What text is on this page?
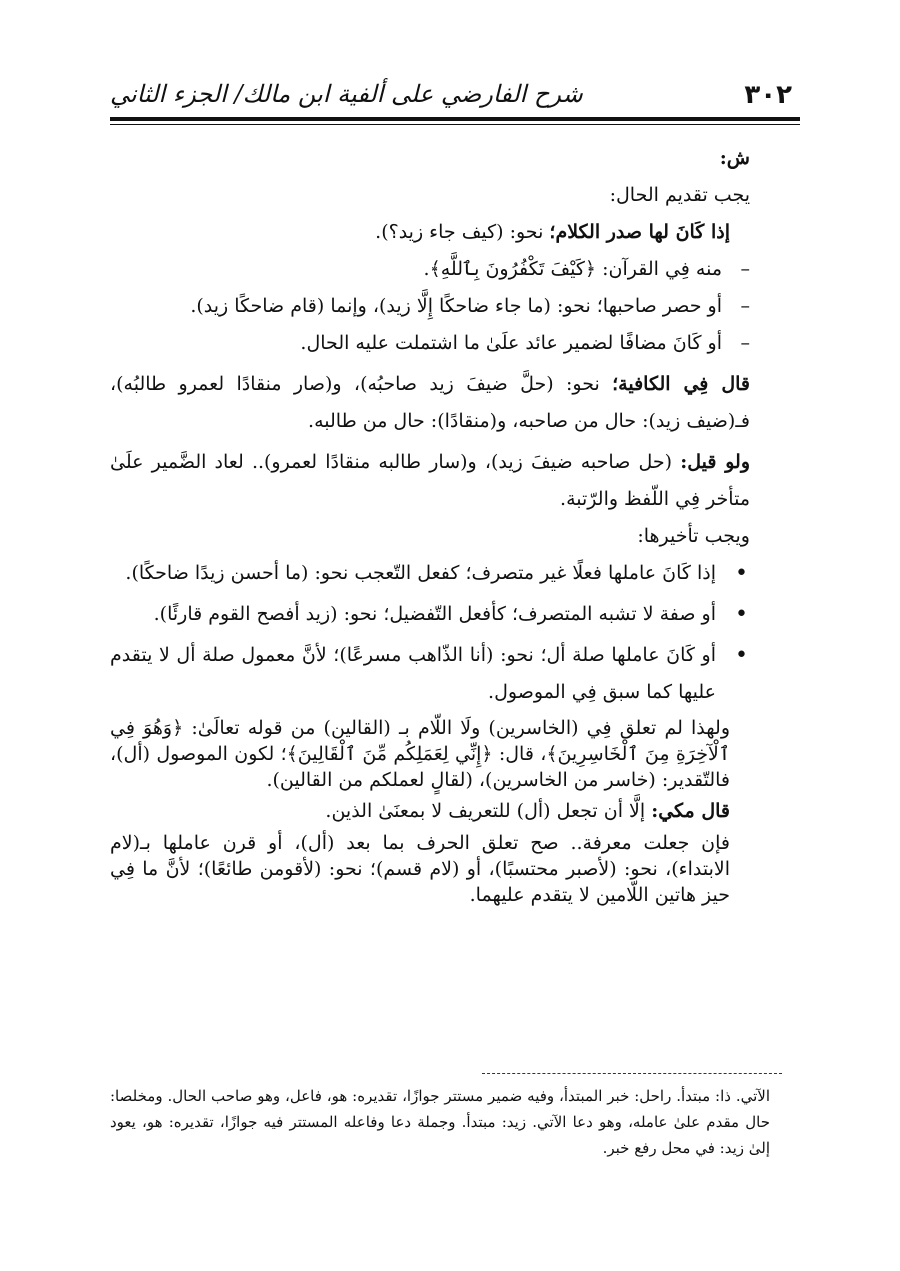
٣٠٢
شرح الفارضي على ألفية ابن مالك/ الجزء الثاني

ش:

يجب تقديم الحال:

إذا كَانَ لها صدر الكلام؛ نحو: (كيف جاء زيد؟).

–
منه فِي القرآن: ﴿كَيْفَ تَكْفُرُونَ بِٱللَّهِ﴾.

–
أو حصر صاحبها؛ نحو: (ما جاء ضاحكًا إِلَّا زيد)، وإنما (قام ضاحكًا زيد).

–
أو كَانَ مضافًا لضمير عائد علَىٰ ما اشتملت عليه الحال.

قال فِي الكافية؛ نحو: (حلَّ ضيفَ زيد صاحبُه)، و(صار منقادًا لعمرو طالبُه)، فـ(ضيف زيد): حال من صاحبه، و(منقادًا): حال من طالبه.

ولو قيل: (حل صاحبه ضيفَ زيد)، و(سار طالبه منقادًا لعمرو).. لعاد الضَّمير علَىٰ متأخر فِي اللّفظ والرّتبة.

ويجب تأخيرها:

•
إذا كَانَ عاملها فعلًا غير متصرف؛ كفعل التّعجب نحو: (ما أحسن زيدًا ضاحكًا).

•
أو صفة لا تشبه المتصرف؛ كأفعل التّفضيل؛ نحو: (زيد أفصح القوم قارئًا).

•
أو كَانَ عاملها صلة أل؛ نحو: (أنا الذّاهب مسرعًا)؛ لأنَّ معمول صلة أل لا يتقدم عليها كما سبق فِي الموصول.

ولهذا لم تعلق فِي (الخاسرين) ولَا اللّام بـ (القالين) من قوله تعالَىٰ: ﴿وَهُوَ فِي ٱلْآخِرَةِ مِنَ ٱلْخَاسِرِينَ﴾، قال: ﴿إِنِّي لِعَمَلِكُم مِّنَ ٱلْقَالِينَ﴾؛ لكون الموصول (أل)، فالتّقدير: (خاسر من الخاسرين)، (لقالٍ لعملكم من القالين).

قال مكي: إلَّا أن تجعل (أل) للتعريف لا بمعنَىٰ الذين.

فإن جعلت معرفة.. صح تعلق الحرف بما بعد (أل)، أو قرن عاملها بـ(لام الابتداء)، نحو: (لأصبر محتسبًا)، أو (لام قسم)؛ نحو: (لأقومن طائعًا)؛ لأنَّ ما فِي حيز هاتين اللّامين لا يتقدم عليهما.

الآتي. ذا: مبتدأ. راحل: خبر المبتدأ، وفيه ضمير مستتر جوازًا، تقديره: هو، فاعل، وهو صاحب الحال. ومخلصا: حال مقدم علىٰ عامله، وهو دعا الآتي. زيد: مبتدأ. وجملة دعا وفاعله المستتر فيه جوازًا، تقديره: هو، يعود إلىٰ زيد: في محل رفع خبر.
